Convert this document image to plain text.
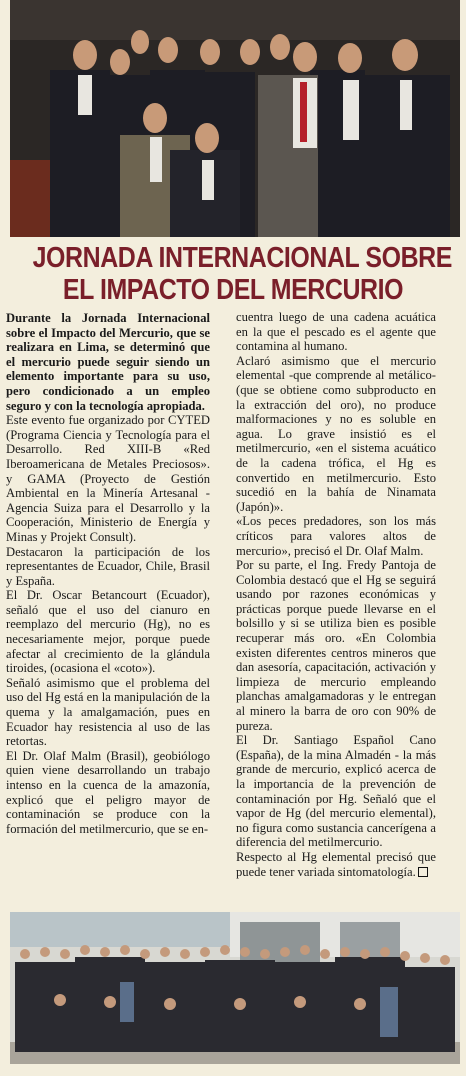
JORNADA INTERNACIONAL SOBRE
EL IMPACTO DEL MERCURIO

Durante la Jornada Internacional sobre el Impacto del Mercurio, que se realizara en Lima, se determinó que el mercurio puede seguir siendo un elemento importante para su uso, pero condicionado a un empleo seguro y con la tecnología apropiada.

Este evento fue organizado por CYTED (Programa Ciencia y Tecnología para el Desarrollo. Red XIII-B «Red Iberoamericana de Metales Preciosos». y GAMA (Proyecto de Gestión Ambiental en la Minería Artesanal - Agencia Suiza para el Desarrollo y la Cooperación, Ministerio de Energía y Minas y Projekt Consult).

Destacaron la participación de los representantes de Ecuador, Chile, Brasil y España.

El Dr. Oscar Betancourt (Ecuador), señaló que el uso del cianuro en reemplazo del mercurio (Hg), no es necesariamente mejor, porque puede afectar al crecimiento de la glándula tiroides, (ocasiona el «coto»).

Señaló asimismo que el problema del uso del Hg está en la manipulación de la quema y la amalgamación, pues en Ecuador hay resistencia al uso de las retortas.

El Dr. Olaf Malm (Brasil), geobiólogo quien viene desarrollando un trabajo intenso en la cuenca de la amazonía, explicó que el peligro mayor de contaminación se produce con la formación del metilmercurio, que se en-

cuentra luego de una cadena acuática en la que el pescado es el agente que contamina al humano.

Aclaró asimismo que el mercurio elemental -que comprende al metálico- (que se obtiene como subproducto en la extracción del oro), no produce malformaciones y no es soluble en agua. Lo grave insistió es el metilmercurio, «en el sistema acuático de la cadena trófica, el Hg es convertido en metilmercurio. Esto sucedió en la bahía de Ninamata (Japón)».

«Los peces predadores, son los más críticos para valores altos de mercurio», precisó el Dr. Olaf Malm.

Por su parte, el Ing. Fredy Pantoja de Colombia destacó que el Hg se seguirá usando por razones económicas y prácticas porque puede llevarse en el bolsillo y si se utiliza bien es posible recuperar más oro. «En Colombia existen diferentes centros mineros que dan asesoría, capacitación, activación y limpieza de mercurio empleando planchas amalgamadoras y le entregan al minero la barra de oro con 90% de pureza.

El Dr. Santiago Español Cano (España), de la mina Almadén - la más grande de mercurio, explicó acerca de la importancia de la prevención de contaminación por Hg. Señaló que el vapor de Hg (del mercurio elemental), no figura como sustancia cancerígena a diferencia del metilmercurio.

Respecto al Hg elemental precisó que puede tener variada sintomatología.
